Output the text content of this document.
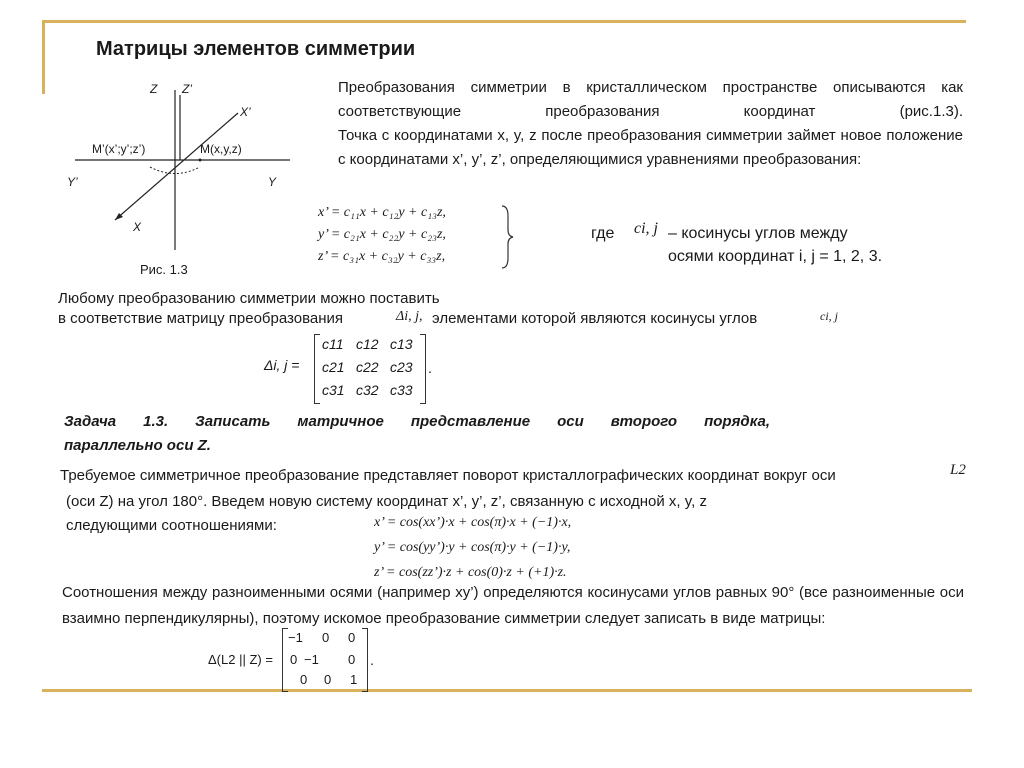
Матрицы элементов симметрии
Z Z’
X’
M’(x’;y’;z’)	M(x,y,z)
Y’	Y
X
Рис. 1.3
Преобразования симметрии в кристаллическом пространстве описываются как соответствующие преобразования координат (рис.1.3).
Точка с координатами x, y, z после преобразования симметрии займет новое положение с координатами x’, y’, z’, определяющимися уравнениями преобразования:
x’ = c₁₁x + c₁₂y + c₁₃z,
y’ = c₂₁x + c₂₂y + c₂₃z,
z’ = c₃₁x + c₃₂y + c₃₃z,
где ci, j – косинусы углов между
осями координат i, j = 1, 2, 3.
Любому преобразованию симметрии можно поставить
в соответствие матрицу преобразования	Δi, j, элементами которой являются косинусы углов	ci, j
Δi, j =
c11 c12 c13
c21 c22 c23
c31 c32 c33
.
Задача 1.3. Записать матричное представление оси второго порядка,
параллельно оси Z.
Требуемое симметричное преобразование представляет поворот кристаллографических координат вокруг оси	L2
(оси Z) на угол 180°. Введем новую систему координат x’, y’, z’, связанную с исходной x, y, z
следующими соотношениями:	x’ = cos(xx’)·x + cos(π)·x + (−1)·x,
y’ = cos(yy’)·y + cos(π)·y + (−1)·y,
z’ = cos(zz’)·z + cos(0)·z + (+1)·z.
Соотношения между разноименными осями (например xy’) определяются косинусами углов равных 90° (все разноименные оси взаимно перпендикулярны), поэтому искомое преобразование симметрии следует записать в виде матрицы:
Δ(L2 || Z) =
−1 0 0
0 −1 0
0 0 1
.
